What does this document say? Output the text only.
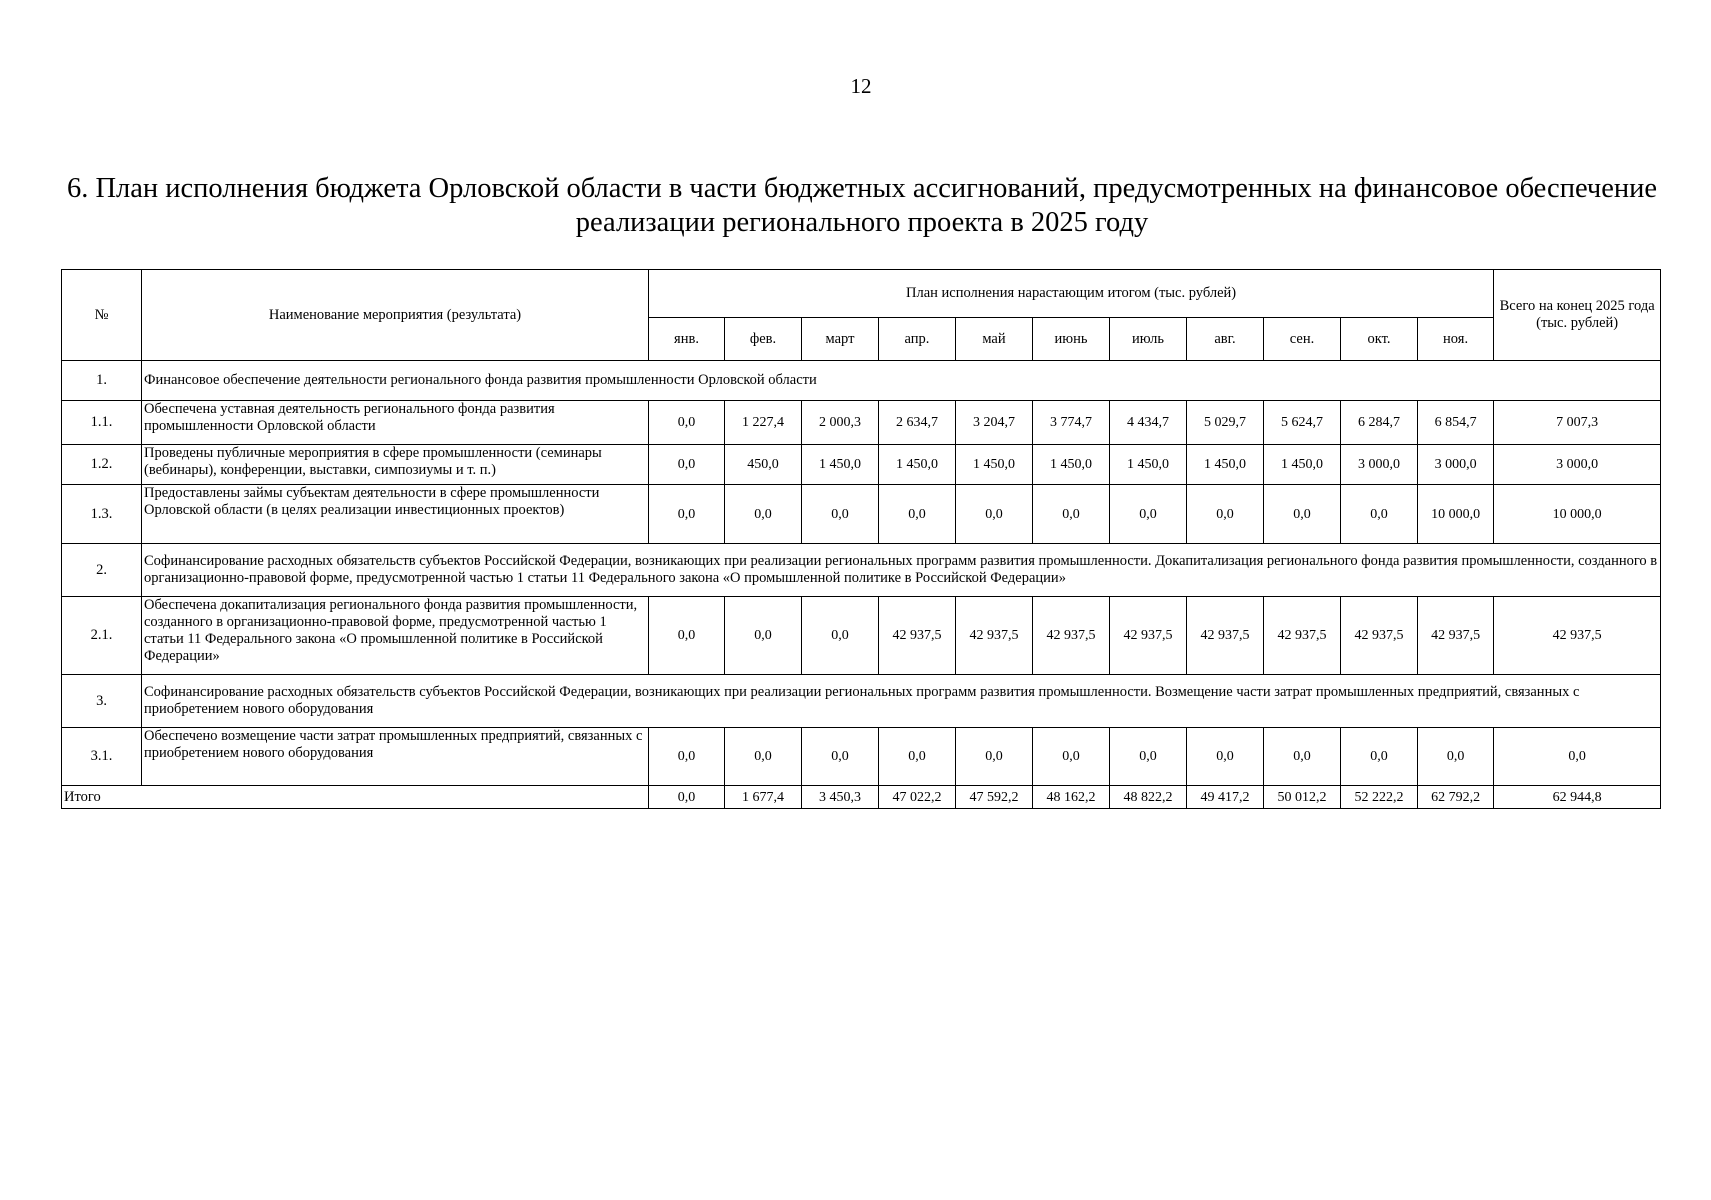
12
6. План исполнения бюджета Орловской области в части бюджетных ассигнований, предусмотренных на финансовое обеспечение реализации регионального проекта в 2025 году
№	Наименование мероприятия (результата)	План исполнения нарастающим итогом (тыс. рублей)											Всего на конец 2025 года (тыс. рублей)
		янв.	фев.	март	апр.	май	июнь	июль	авг.	сен.	окт.	ноя.	
1.	Финансовое обеспечение деятельности регионального фонда развития промышленности Орловской области												
1.1.	Обеспечена уставная деятельность регионального фонда развития промышленности Орловской области	0,0	1 227,4	2 000,3	2 634,7	3 204,7	3 774,7	4 434,7	5 029,7	5 624,7	6 284,7	6 854,7	7 007,3
1.2.	Проведены публичные мероприятия в сфере промышленности (семинары (вебинары), конференции, выставки, симпозиумы и т. п.)	0,0	450,0	1 450,0	1 450,0	1 450,0	1 450,0	1 450,0	1 450,0	1 450,0	3 000,0	3 000,0	3 000,0
1.3.	Предоставлены займы субъектам деятельности в сфере промышленности Орловской области (в целях реализации инвестиционных проектов)	0,0	0,0	0,0	0,0	0,0	0,0	0,0	0,0	0,0	0,0	10 000,0	10 000,0
2.	Софинансирование расходных обязательств субъектов Российской Федерации, возникающих при реализации региональных программ развития промышленности. Докапитализация регионального фонда развития промышленности, созданного в организационно-правовой форме, предусмотренной частью 1 статьи 11 Федерального закона «О промышленной политике в Российской Федерации»												
2.1.	Обеспечена докапитализация регионального фонда развития промышленности, созданного в организационно-правовой форме, предусмотренной частью 1 статьи 11 Федерального закона «О промышленной политике в Российской Федерации»	0,0	0,0	0,0	42 937,5	42 937,5	42 937,5	42 937,5	42 937,5	42 937,5	42 937,5	42 937,5	42 937,5
3.	Софинансирование расходных обязательств субъектов Российской Федерации, возникающих при реализации региональных программ развития промышленности. Возмещение части затрат промышленных предприятий, связанных с приобретением нового оборудования												
3.1.	Обеспечено возмещение части затрат промышленных предприятий, связанных с приобретением нового оборудования	0,0	0,0	0,0	0,0	0,0	0,0	0,0	0,0	0,0	0,0	0,0	0,0
Итого		0,0	1 677,4	3 450,3	47 022,2	47 592,2	48 162,2	48 822,2	49 417,2	50 012,2	52 222,2	62 792,2	62 944,8
